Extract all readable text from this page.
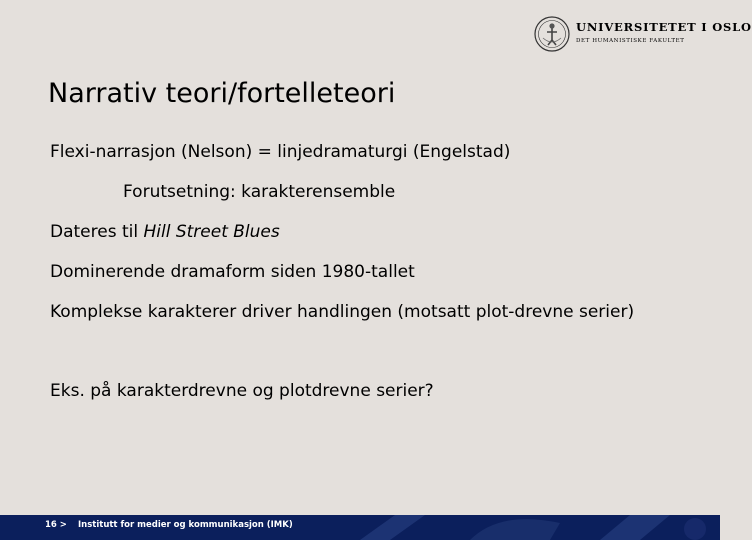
UNIVERSITETET I OSLO
DET HUMANISTISKE FAKULTET
Narrativ teori/fortelleteori

Flexi-narrasjon (Nelson) = linjedramaturgi (Engelstad)

Forutsetning: karakterensemble

Dateres til Hill Street Blues

Dominerende dramaform siden 1980-tallet

Komplekse karakterer driver handlingen (motsatt plot-drevne serier)

Eks. på karakterdrevne og plotdrevne serier?

16 > Institutt for medier og kommunikasjon (IMK)
